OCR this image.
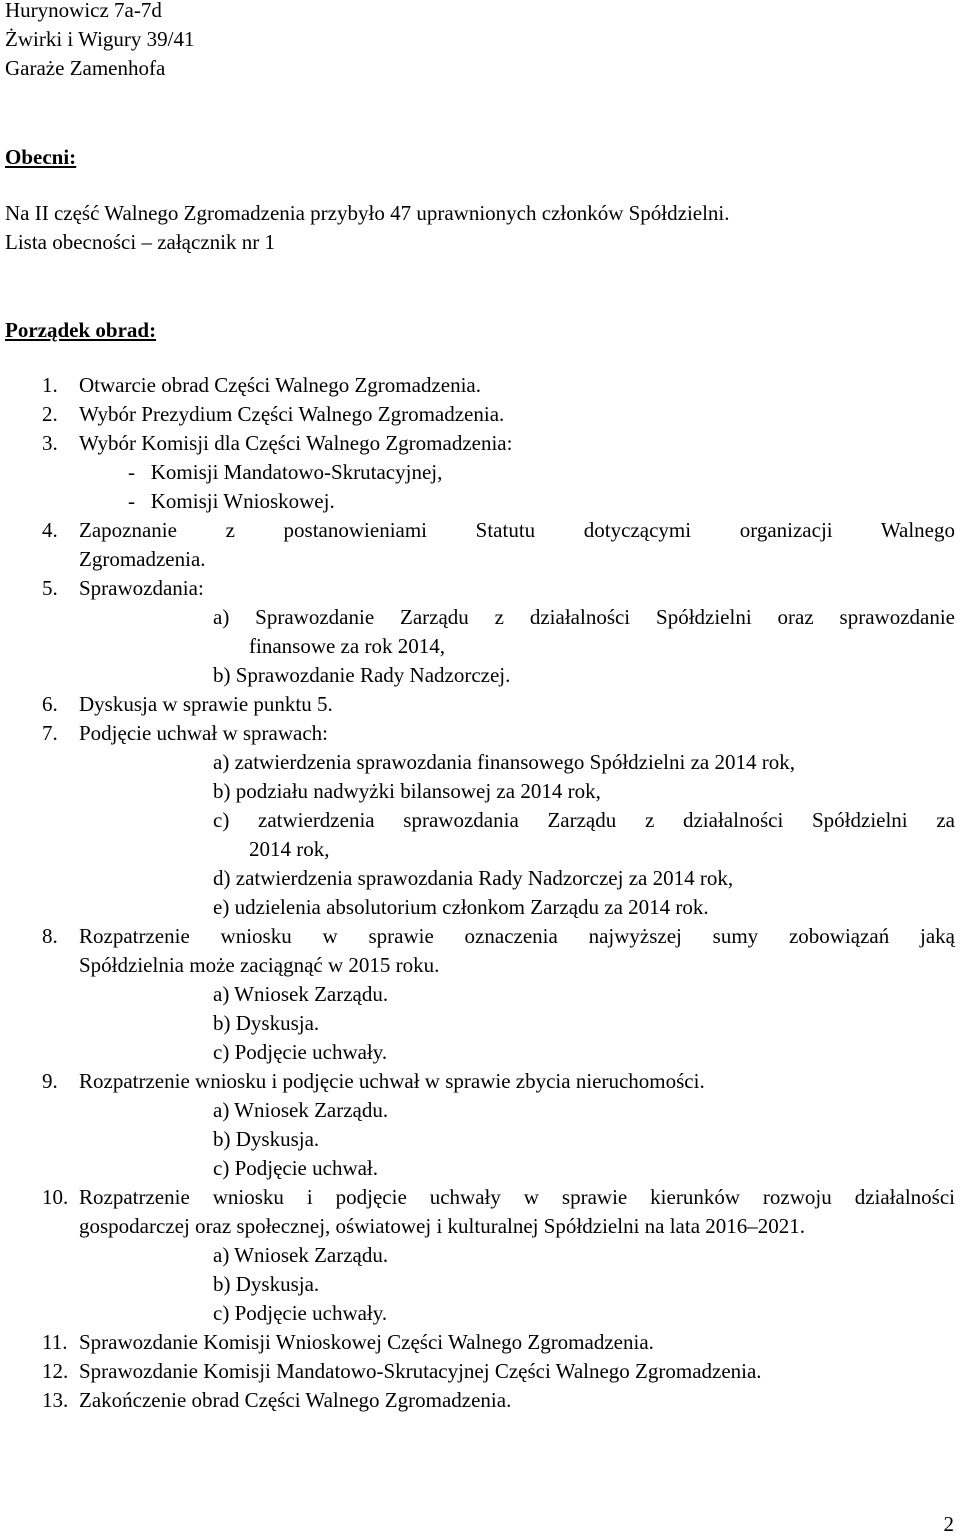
Hurynowicz 7a-7d
Żwirki i Wigury 39/41
Garaże Zamenhofa
Obecni:
Na II część Walnego Zgromadzenia przybyło 47 uprawnionych członków Spółdzielni.
Lista obecności – załącznik nr 1
Porządek obrad:
1. Otwarcie obrad Części Walnego Zgromadzenia.
2. Wybór Prezydium Części Walnego Zgromadzenia.
3. Wybór Komisji dla Części Walnego Zgromadzenia:
-   Komisji Mandatowo-Skrutacyjnej,
-   Komisji Wnioskowej.
4. Zapoznanie z postanowieniami Statutu dotyczącymi organizacji Walnego
Zgromadzenia.
5. Sprawozdania:
a) Sprawozdanie Zarządu z działalności Spółdzielni oraz sprawozdanie
finansowe za rok 2014,
b) Sprawozdanie Rady Nadzorczej.
6. Dyskusja w sprawie punktu 5.
7. Podjęcie uchwał w sprawach:
a) zatwierdzenia sprawozdania finansowego Spółdzielni za 2014 rok,
b) podziału nadwyżki bilansowej za 2014 rok,
c) zatwierdzenia sprawozdania Zarządu z działalności Spółdzielni za
2014 rok,
d) zatwierdzenia sprawozdania Rady Nadzorczej za 2014 rok,
e) udzielenia absolutorium członkom Zarządu za 2014 rok.
8. Rozpatrzenie wniosku w sprawie oznaczenia najwyższej sumy zobowiązań jaką
Spółdzielnia może zaciągnąć w 2015 roku.
a) Wniosek Zarządu.
b) Dyskusja.
c) Podjęcie uchwały.
9. Rozpatrzenie wniosku i podjęcie uchwał w sprawie zbycia nieruchomości.
a) Wniosek Zarządu.
b) Dyskusja.
c) Podjęcie uchwał.
10. Rozpatrzenie wniosku i podjęcie uchwały w sprawie kierunków rozwoju działalności
gospodarczej oraz społecznej, oświatowej i kulturalnej Spółdzielni na lata 2016–2021.
a) Wniosek Zarządu.
b) Dyskusja.
c) Podjęcie uchwały.
11. Sprawozdanie Komisji Wnioskowej Części Walnego Zgromadzenia.
12. Sprawozdanie Komisji Mandatowo-Skrutacyjnej Części Walnego Zgromadzenia.
13. Zakończenie obrad Części Walnego Zgromadzenia.
2
